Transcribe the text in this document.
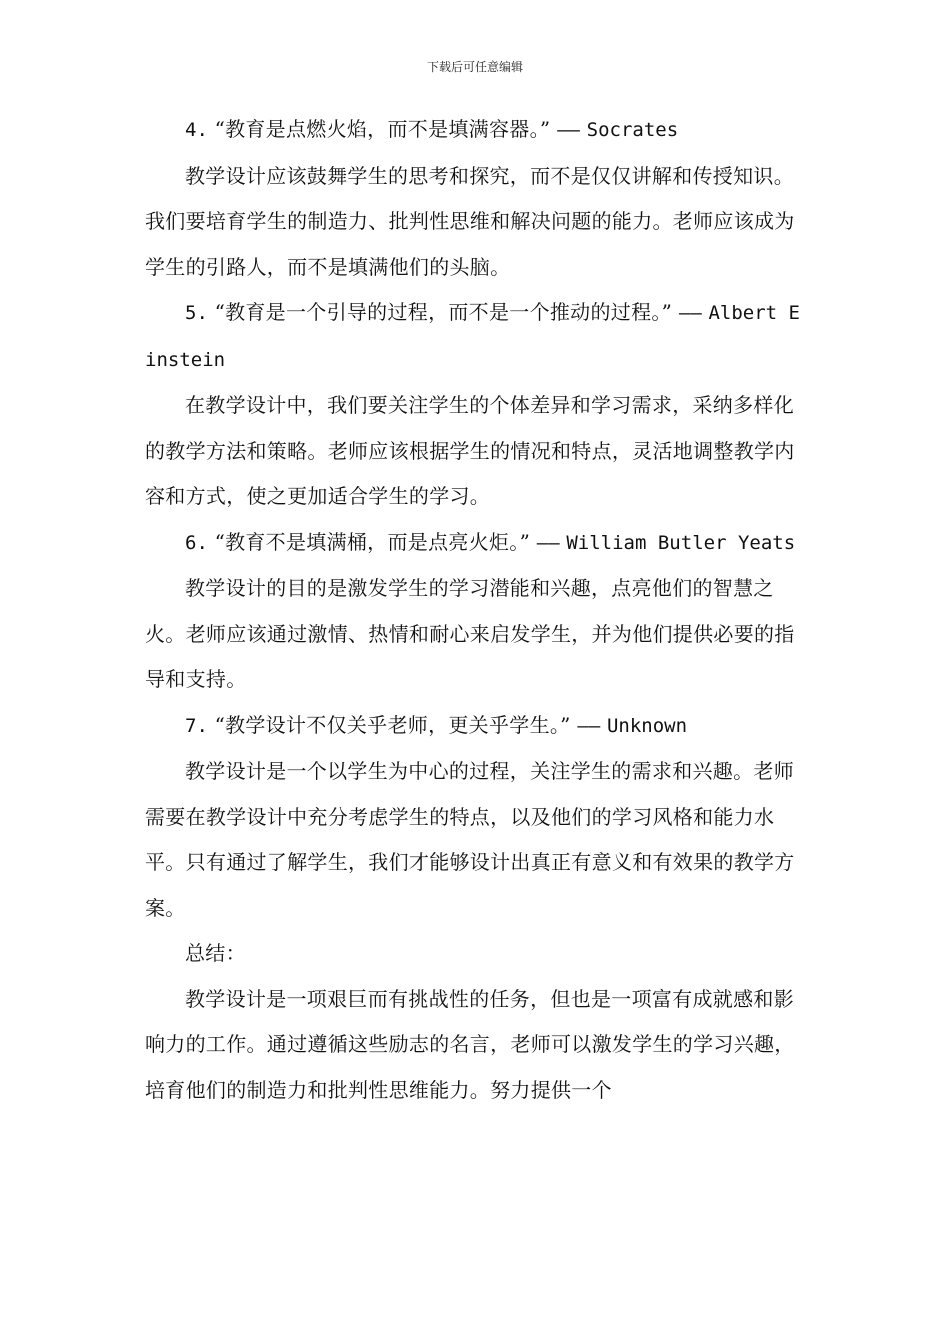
下载后可任意编辑

4. “教育是点燃火焰，而不是填满容器。” —— Socrates

教学设计应该鼓舞学生的思考和探究，而不是仅仅讲解和传授知识。我们要培育学生的制造力、批判性思维和解决问题的能力。老师应该成为学生的引路人，而不是填满他们的头脑。

5. “教育是一个引导的过程，而不是一个推动的过程。” —— Albert Einstein

在教学设计中，我们要关注学生的个体差异和学习需求，采纳多样化的教学方法和策略。老师应该根据学生的情况和特点，灵活地调整教学内容和方式，使之更加适合学生的学习。

6. “教育不是填满桶，而是点亮火炬。” —— William Butler Yeats

教学设计的目的是激发学生的学习潜能和兴趣，点亮他们的智慧之火。老师应该通过激情、热情和耐心来启发学生，并为他们提供必要的指导和支持。

7. “教学设计不仅关乎老师，更关乎学生。” —— Unknown

教学设计是一个以学生为中心的过程，关注学生的需求和兴趣。老师需要在教学设计中充分考虑学生的特点，以及他们的学习风格和能力水平。只有通过了解学生，我们才能够设计出真正有意义和有效果的教学方案。

总结：

教学设计是一项艰巨而有挑战性的任务，但也是一项富有成就感和影响力的工作。通过遵循这些励志的名言，老师可以激发学生的学习兴趣，培育他们的制造力和批判性思维能力。努力提供一个
